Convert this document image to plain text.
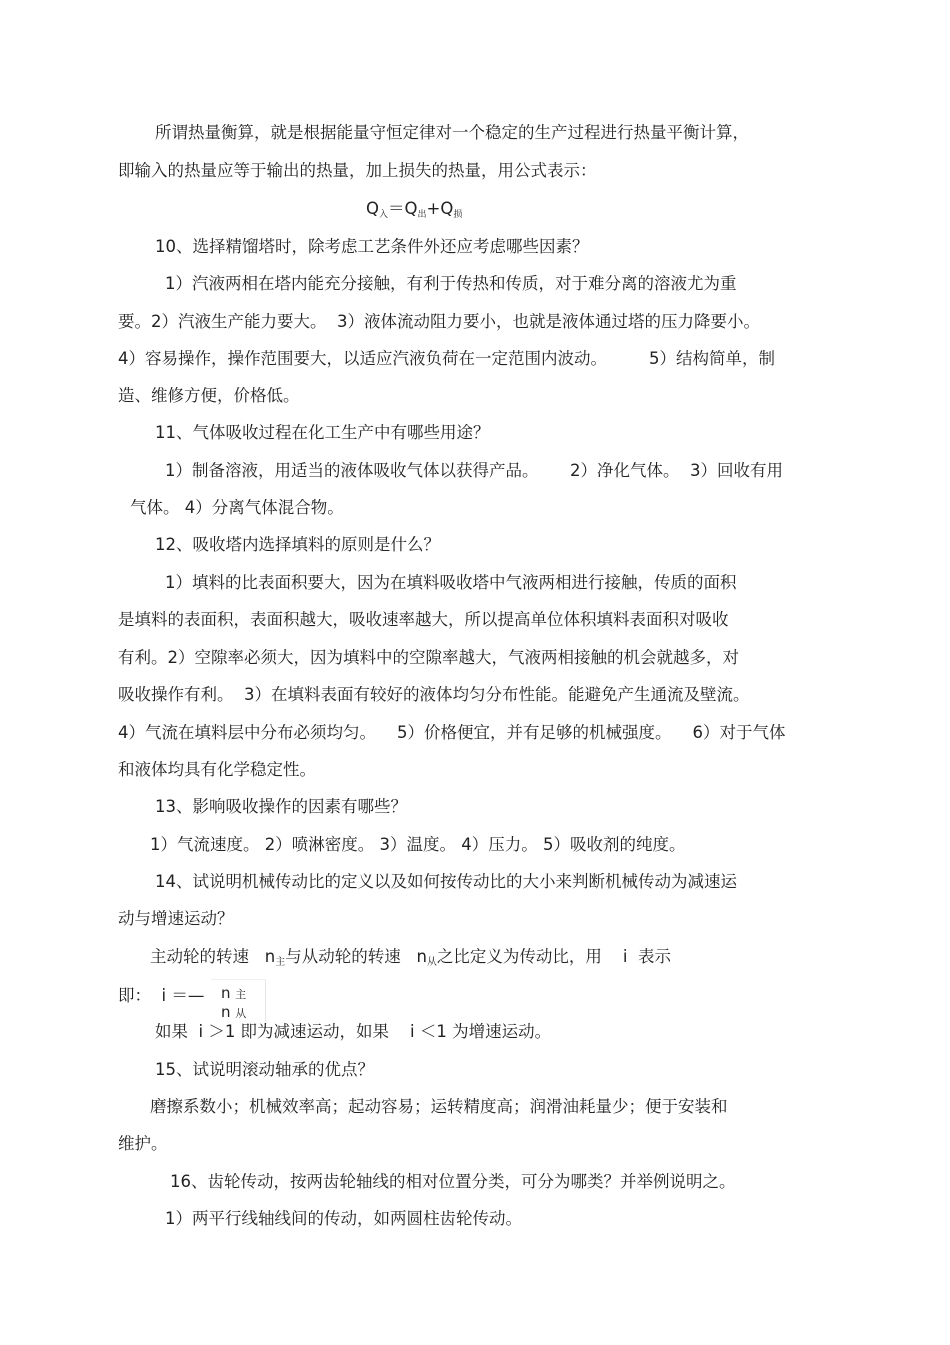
所谓热量衡算，就是根据能量守恒定律对一个稳定的生产过程进行热量平衡计算，
即输入的热量应等于输出的热量，加上损失的热量，用公式表示：
$Q_入=Q_出+Q_损$
10、选择精馏塔时，除考虑工艺条件外还应考虑哪些因素？
1）汽液两相在塔内能充分接触，有利于传热和传质，对于难分离的溶液尤为重
要。2）汽液生产能力要大。  3）液体流动阻力要小，也就是液体通过塔的压力降要小。
4）容易操作，操作范围要大，以适应汽液负荷在一定范围内波动。        5）结构简单，制
造、维修方便，价格低。
11、气体吸收过程在化工生产中有哪些用途？
1）制备溶液，用适当的液体吸收气体以获得产品。      2）净化气体。  3）回收有用
气体。 4）分离气体混合物。
12、吸收塔内选择填料的原则是什么？
1）填料的比表面积要大，因为在填料吸收塔中气液两相进行接触，传质的面积
是填料的表面积，表面积越大，吸收速率越大，所以提高单位体积填料表面积对吸收
有利。2）空隙率必须大，因为填料中的空隙率越大，气液两相接触的机会就越多，对
吸收操作有利。  3）在填料表面有较好的液体均匀分布性能。能避免产生通流及壁流。
4）气流在填料层中分布必须均匀。    5）价格便宜，并有足够的机械强度。    6）对于气体
和液体均具有化学稳定性。
13、影响吸收操作的因素有哪些？
1）气流速度。 2）喷淋密度。 3）温度。 4）压力。 5）吸收剂的纯度。
14、试说明机械传动比的定义以及如何按传动比的大小来判断机械传动为减速运
动与增速运动？
主动轮的转速   n主与从动轮的转速   n从之比定义为传动比，用    i  表示
即：  i ＝— n 主
n 从
如果  i ＞1 即为减速运动，如果    i ＜1 为增速运动。
15、试说明滚动轴承的优点？
磨擦系数小；机械效率高；起动容易；运转精度高；润滑油耗量少；便于安装和
维护。
16、齿轮传动，按两齿轮轴线的相对位置分类，可分为哪类？并举例说明之。
1）两平行线轴线间的传动，如两圆柱齿轮传动。
